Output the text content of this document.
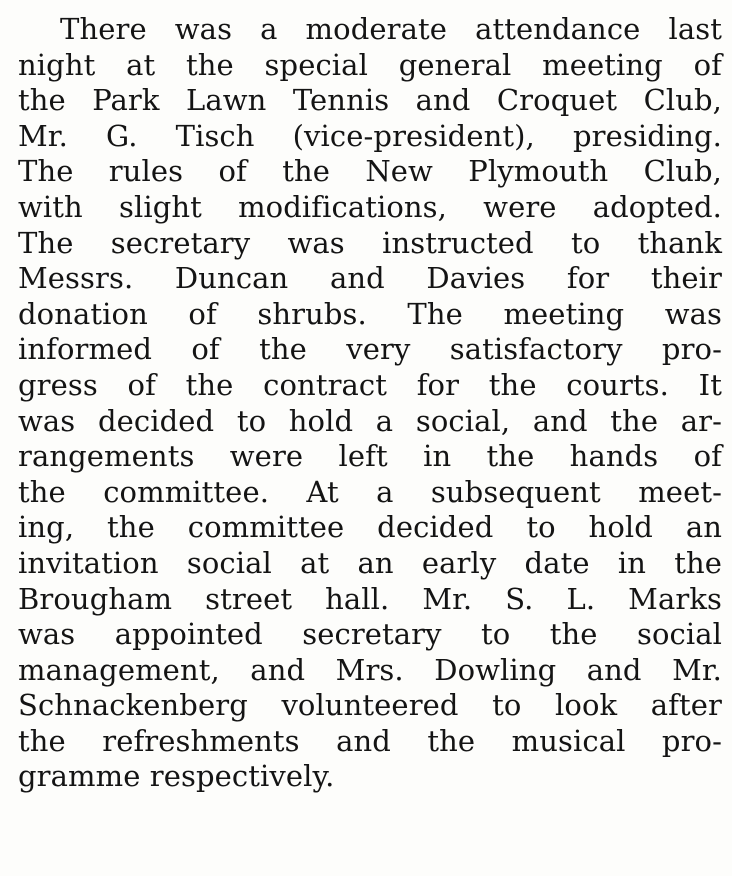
There was a moderate attendance last
night at the special general meeting of
the Park Lawn Tennis and Croquet Club,
Mr. G. Tisch (vice-president), presiding.
The rules of the New Plymouth Club,
with slight modifications, were adopted.
The secretary was instructed to thank
Messrs. Duncan and Davies for their
donation of shrubs. The meeting was
informed of the very satisfactory pro-
gress of the contract for the courts. It
was decided to hold a social, and the ar-
rangements were left in the hands of
the committee. At a subsequent meet-
ing, the committee decided to hold an
invitation social at an early date in the
Brougham street hall. Mr. S. L. Marks
was appointed secretary to the social
management, and Mrs. Dowling and Mr.
Schnackenberg volunteered to look after
the refreshments and the musical pro-
gramme respectively.
